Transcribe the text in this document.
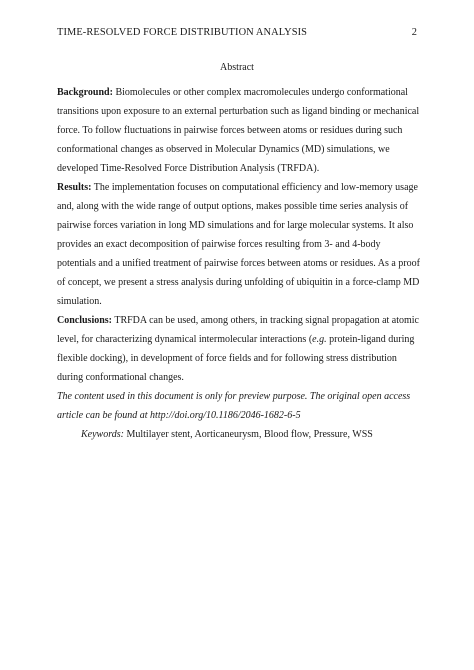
TIME-RESOLVED FORCE DISTRIBUTION ANALYSIS	2
Abstract

Background: Biomolecules or other complex macromolecules undergo conformational transitions upon exposure to an external perturbation such as ligand binding or mechanical force. To follow fluctuations in pairwise forces between atoms or residues during such conformational changes as observed in Molecular Dynamics (MD) simulations, we developed Time-Resolved Force Distribution Analysis (TRFDA).

Results: The implementation focuses on computational efficiency and low-memory usage and, along with the wide range of output options, makes possible time series analysis of pairwise forces variation in long MD simulations and for large molecular systems. It also provides an exact decomposition of pairwise forces resulting from 3- and 4-body potentials and a unified treatment of pairwise forces between atoms or residues. As a proof of concept, we present a stress analysis during unfolding of ubiquitin in a force-clamp MD simulation.

Conclusions: TRFDA can be used, among others, in tracking signal propagation at atomic level, for characterizing dynamical intermolecular interactions (e.g. protein-ligand during flexible docking), in development of force fields and for following stress distribution during conformational changes.

The content used in this document is only for preview purpose. The original open access article can be found at http://doi.org/10.1186/2046-1682-6-5

Keywords: Multilayer stent, Aorticaneurysm, Blood flow, Pressure, WSS
